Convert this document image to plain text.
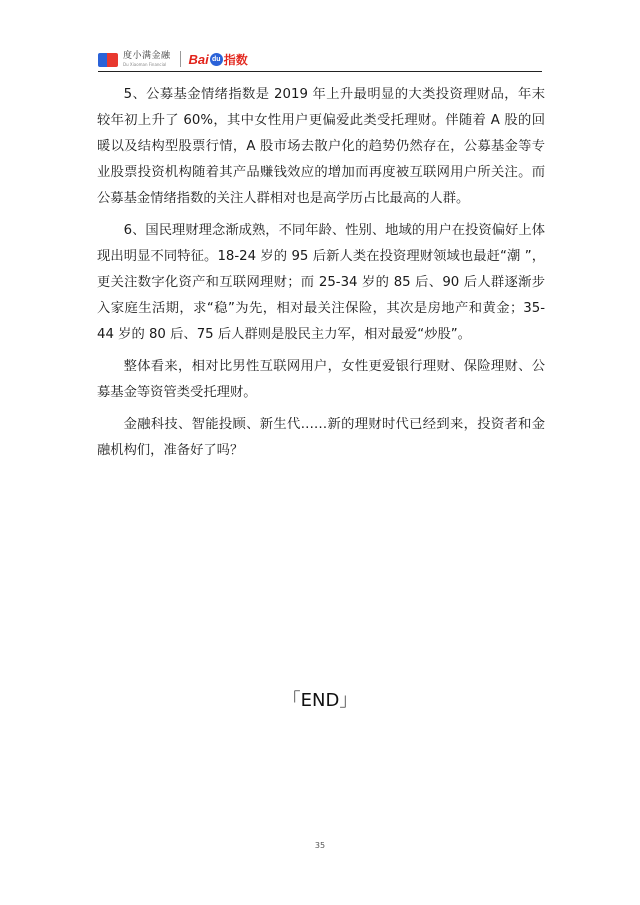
度小满金融
Du Xiaoman Financial	Bai du 指数

5、公募基金情绪指数是 2019 年上升最明显的大类投资理财品，年末较年初上升了 60%，其中女性用户更偏爱此类受托理财。伴随着 A 股的回暖以及结构型股票行情，A 股市场去散户化的趋势仍然存在，公募基金等专业股票投资机构随着其产品赚钱效应的增加而再度被互联网用户所关注。而公募基金情绪指数的关注人群相对也是高学历占比最高的人群。

6、国民理财理念渐成熟，不同年龄、性别、地域的用户在投资偏好上体现出明显不同特征。18-24 岁的 95 后新人类在投资理财领域也最赶“潮 ”，更关注数字化资产和互联网理财；而 25-34 岁的 85 后、90 后人群逐渐步入家庭生活期，求“稳”为先，相对最关注保险，其次是房地产和黄金；35-44 岁的 80 后、75 后人群则是股民主力军，相对最爱“炒股”。

整体看来，相对比男性互联网用户，女性更爱银行理财、保险理财、公募基金等资管类受托理财。

金融科技、智能投顾、新生代……新的理财时代已经到来，投资者和金融机构们，准备好了吗？

「END」
35
